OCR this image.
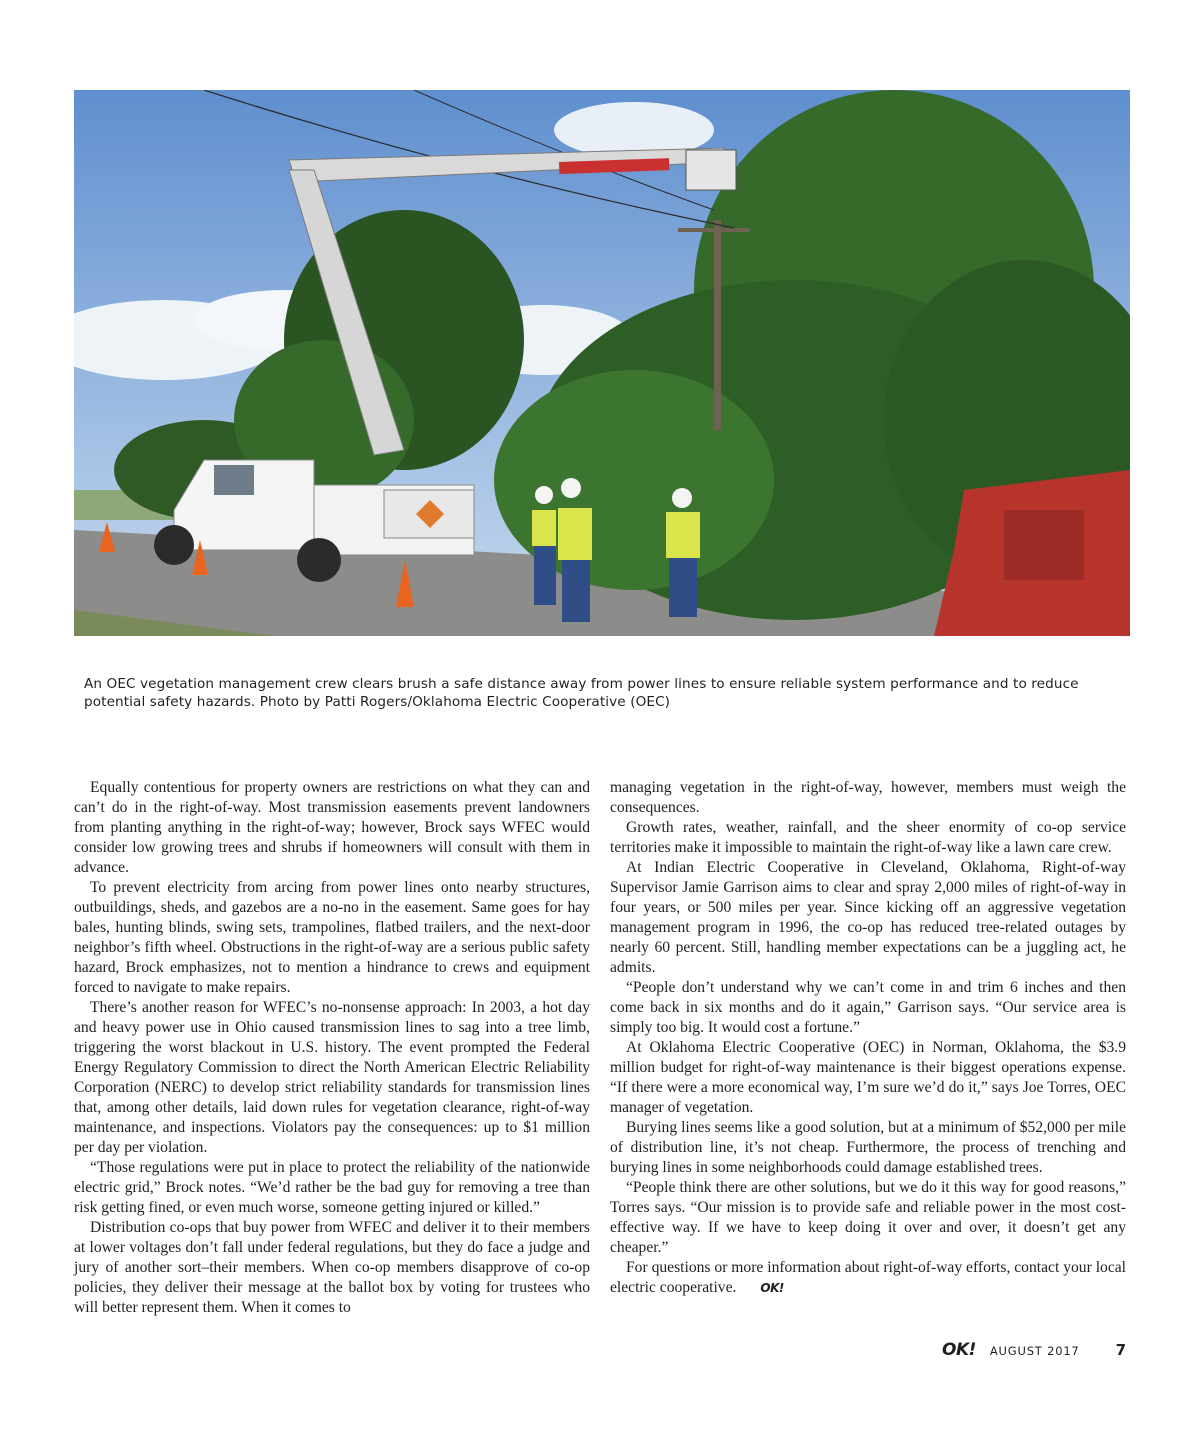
An OEC vegetation management crew clears brush a safe distance away from power lines to ensure reliable system performance and to reduce potential safety hazards. Photo by Patti Rogers/Oklahoma Electric Cooperative (OEC)

Equally contentious for property owners are restrictions on what they can and can’t do in the right-of-way. Most transmission easements prevent landowners from planting anything in the right-of-way; however, Brock says WFEC would consider low growing trees and shrubs if homeowners will consult with them in advance.

To prevent electricity from arcing from power lines onto nearby structures, outbuildings, sheds, and gazebos are a no-no in the easement. Same goes for hay bales, hunting blinds, swing sets, trampolines, flatbed trailers, and the next-door neighbor’s fifth wheel. Obstructions in the right-of-way are a serious public safety hazard, Brock emphasizes, not to mention a hindrance to crews and equipment forced to navigate to make repairs.

There’s another reason for WFEC’s no-nonsense approach: In 2003, a hot day and heavy power use in Ohio caused transmission lines to sag into a tree limb, triggering the worst blackout in U.S. history. The event prompted the Federal Energy Regulatory Commission to direct the North American Electric Reliability Corporation (NERC) to develop strict reliability standards for transmission lines that, among other details, laid down rules for vegetation clearance, right-of-way maintenance, and inspections. Violators pay the consequences: up to $1 million per day per violation.

“Those regulations were put in place to protect the reliability of the nationwide electric grid,” Brock notes. “We’d rather be the bad guy for removing a tree than risk getting fined, or even much worse, someone getting injured or killed.”

Distribution co-ops that buy power from WFEC and deliver it to their members at lower voltages don’t fall under federal regulations, but they do face a judge and jury of another sort–their members. When co-op members disapprove of co-op policies, they deliver their message at the ballot box by voting for trustees who will better represent them. When it comes to

managing vegetation in the right-of-way, however, members must weigh the consequences.

Growth rates, weather, rainfall, and the sheer enormity of co-op service territories make it impossible to maintain the right-of-way like a lawn care crew.

At Indian Electric Cooperative in Cleveland, Oklahoma, Right-of-way Supervisor Jamie Garrison aims to clear and spray 2,000 miles of right-of-way in four years, or 500 miles per year. Since kicking off an aggressive vegetation management program in 1996, the co-op has reduced tree-related outages by nearly 60 percent. Still, handling member expectations can be a juggling act, he admits.

“People don’t understand why we can’t come in and trim 6 inches and then come back in six months and do it again,” Garrison says. “Our service area is simply too big. It would cost a fortune.”

At Oklahoma Electric Cooperative (OEC) in Norman, Oklahoma, the $3.9 million budget for right-of-way maintenance is their biggest operations expense. “If there were a more economical way, I’m sure we’d do it,” says Joe Torres, OEC manager of vegetation.

Burying lines seems like a good solution, but at a minimum of $52,000 per mile of distribution line, it’s not cheap. Furthermore, the process of trenching and burying lines in some neighborhoods could damage established trees.

“People think there are other solutions, but we do it this way for good reasons,” Torres says. “Our mission is to provide safe and reliable power in the most cost-effective way. If we have to keep doing it over and over, it doesn’t get any cheaper.”

For questions or more information about right-of-way efforts, contact your local electric cooperative. OK!

OK! AUGUST 2017 7
